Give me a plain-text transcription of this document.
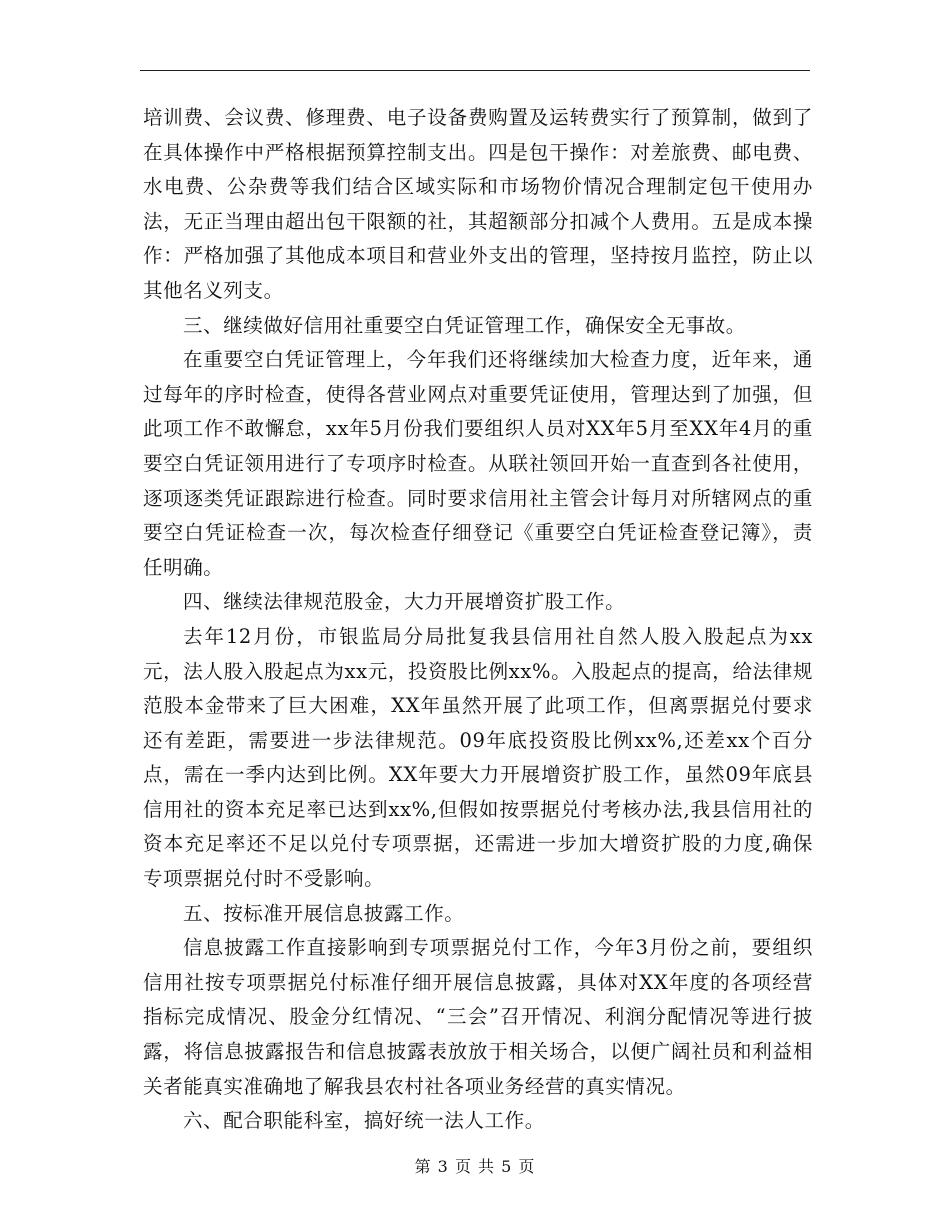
培训费、会议费、修理费、电子设备费购置及运转费实行了预算制，做到了在具体操作中严格根据预算控制支出。四是包干操作：对差旅费、邮电费、水电费、公杂费等我们结合区域实际和市场物价情况合理制定包干使用办法，无正当理由超出包干限额的社，其超额部分扣减个人费用。五是成本操作：严格加强了其他成本项目和营业外支出的管理，坚持按月监控，防止以其他名义列支。

三、继续做好信用社重要空白凭证管理工作，确保安全无事故。

在重要空白凭证管理上，今年我们还将继续加大检查力度，近年来，通过每年的序时检查，使得各营业网点对重要凭证使用，管理达到了加强，但此项工作不敢懈怠，xx年5月份我们要组织人员对XX年5月至XX年4月的重要空白凭证领用进行了专项序时检查。从联社领回开始一直查到各社使用，逐项逐类凭证跟踪进行检查。同时要求信用社主管会计每月对所辖网点的重要空白凭证检查一次，每次检查仔细登记《重要空白凭证检查登记簿》，责任明确。

四、继续法律规范股金，大力开展增资扩股工作。

去年12月份，市银监局分局批复我县信用社自然人股入股起点为xx元，法人股入股起点为xx元，投资股比例xx%。入股起点的提高，给法律规范股本金带来了巨大困难，XX年虽然开展了此项工作，但离票据兑付要求还有差距，需要进一步法律规范。09年底投资股比例xx%,还差xx个百分点，需在一季内达到比例。XX年要大力开展增资扩股工作，虽然09年底县信用社的资本充足率已达到xx%,但假如按票据兑付考核办法,我县信用社的资本充足率还不足以兑付专项票据，还需进一步加大增资扩股的力度,确保专项票据兑付时不受影响。

五、按标准开展信息披露工作。

信息披露工作直接影响到专项票据兑付工作，今年3月份之前，要组织信用社按专项票据兑付标准仔细开展信息披露，具体对XX年度的各项经营指标完成情况、股金分红情况、“三会”召开情况、利润分配情况等进行披露，将信息披露报告和信息披露表放放于相关场合，以便广阔社员和利益相关者能真实准确地了解我县农村社各项业务经营的真实情况。

六、配合职能科室，搞好统一法人工作。

第 3 页 共 5 页
